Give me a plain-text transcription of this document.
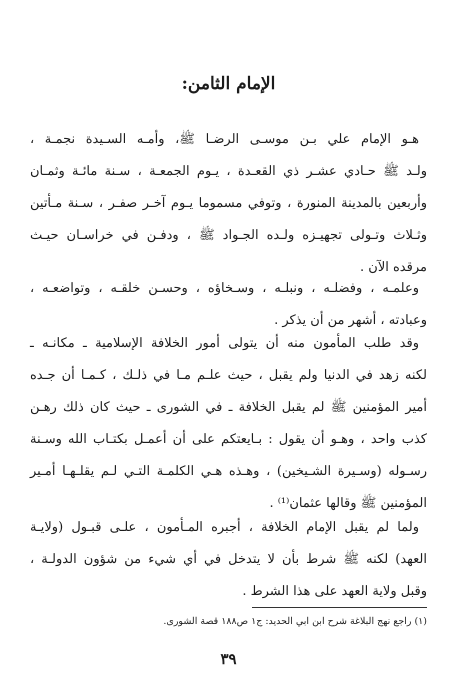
الإمام الثامن:
هـو الإمام علي بـن موسـى الرضـا ﷺ، وأمـه السـيدة نجمـة ،
ولـد ﷺ حـادي عشـر ذي القعـدة ، يـوم الجمعـة ، سـنة مائـة وثمـان
وأربعين بالمدينة المنورة ، وتوفي مسموما يـوم آخـر صفـر ، سـنة مـأتين
وثـلاث وتـولى تجهيـزه ولـده الجـواد ﷺ ، ودفـن في خراسـان حيـث
مرقده الآن .
وعلمـه ، وفضلـه ، ونبلـه ، وسـخاؤه ، وحسـن خلقـه ، وتواضعـه ،
وعبادته ، أشهر من أن يذكر .
وقد طلب المأمون منه أن يتولى أمور الخلافة الإسلامية ـ مكانـه ـ
لكنه زهد في الدنيا ولم يقبل ، حيث علـم مـا في ذلـك ، كـمـا أن جـده
أمير المؤمنين ﷺ لم يقبل الخلافة ـ في الشورى ـ حيث كان ذلك رهـن
كذب واحد ، وهـو أن يقول : بـايعتكم على أن أعمـل بكتـاب الله وسـنة
رسـوله (وسـيرة الشـيخين) ، وهـذه هـي الكلمـة التـي لـم يقلـهـا أمـير
المؤمنين ﷺ وقالها عثمان⁽¹⁾ .
ولما لم يقبل الإمام الخلافة ، أجبره المـأمون ، علـى قبـول (ولايـة
العهد) لكنه ﷺ شرط بأن لا يتدخل في أي شيء من شؤون الدولـة ،
وقبل ولاية العهد على هذا الشرط .
(١) راجع نهج البلاغة شرح ابن ابي الحديد: ج١ ص١٨٨ قصة الشورى.
٣٩
